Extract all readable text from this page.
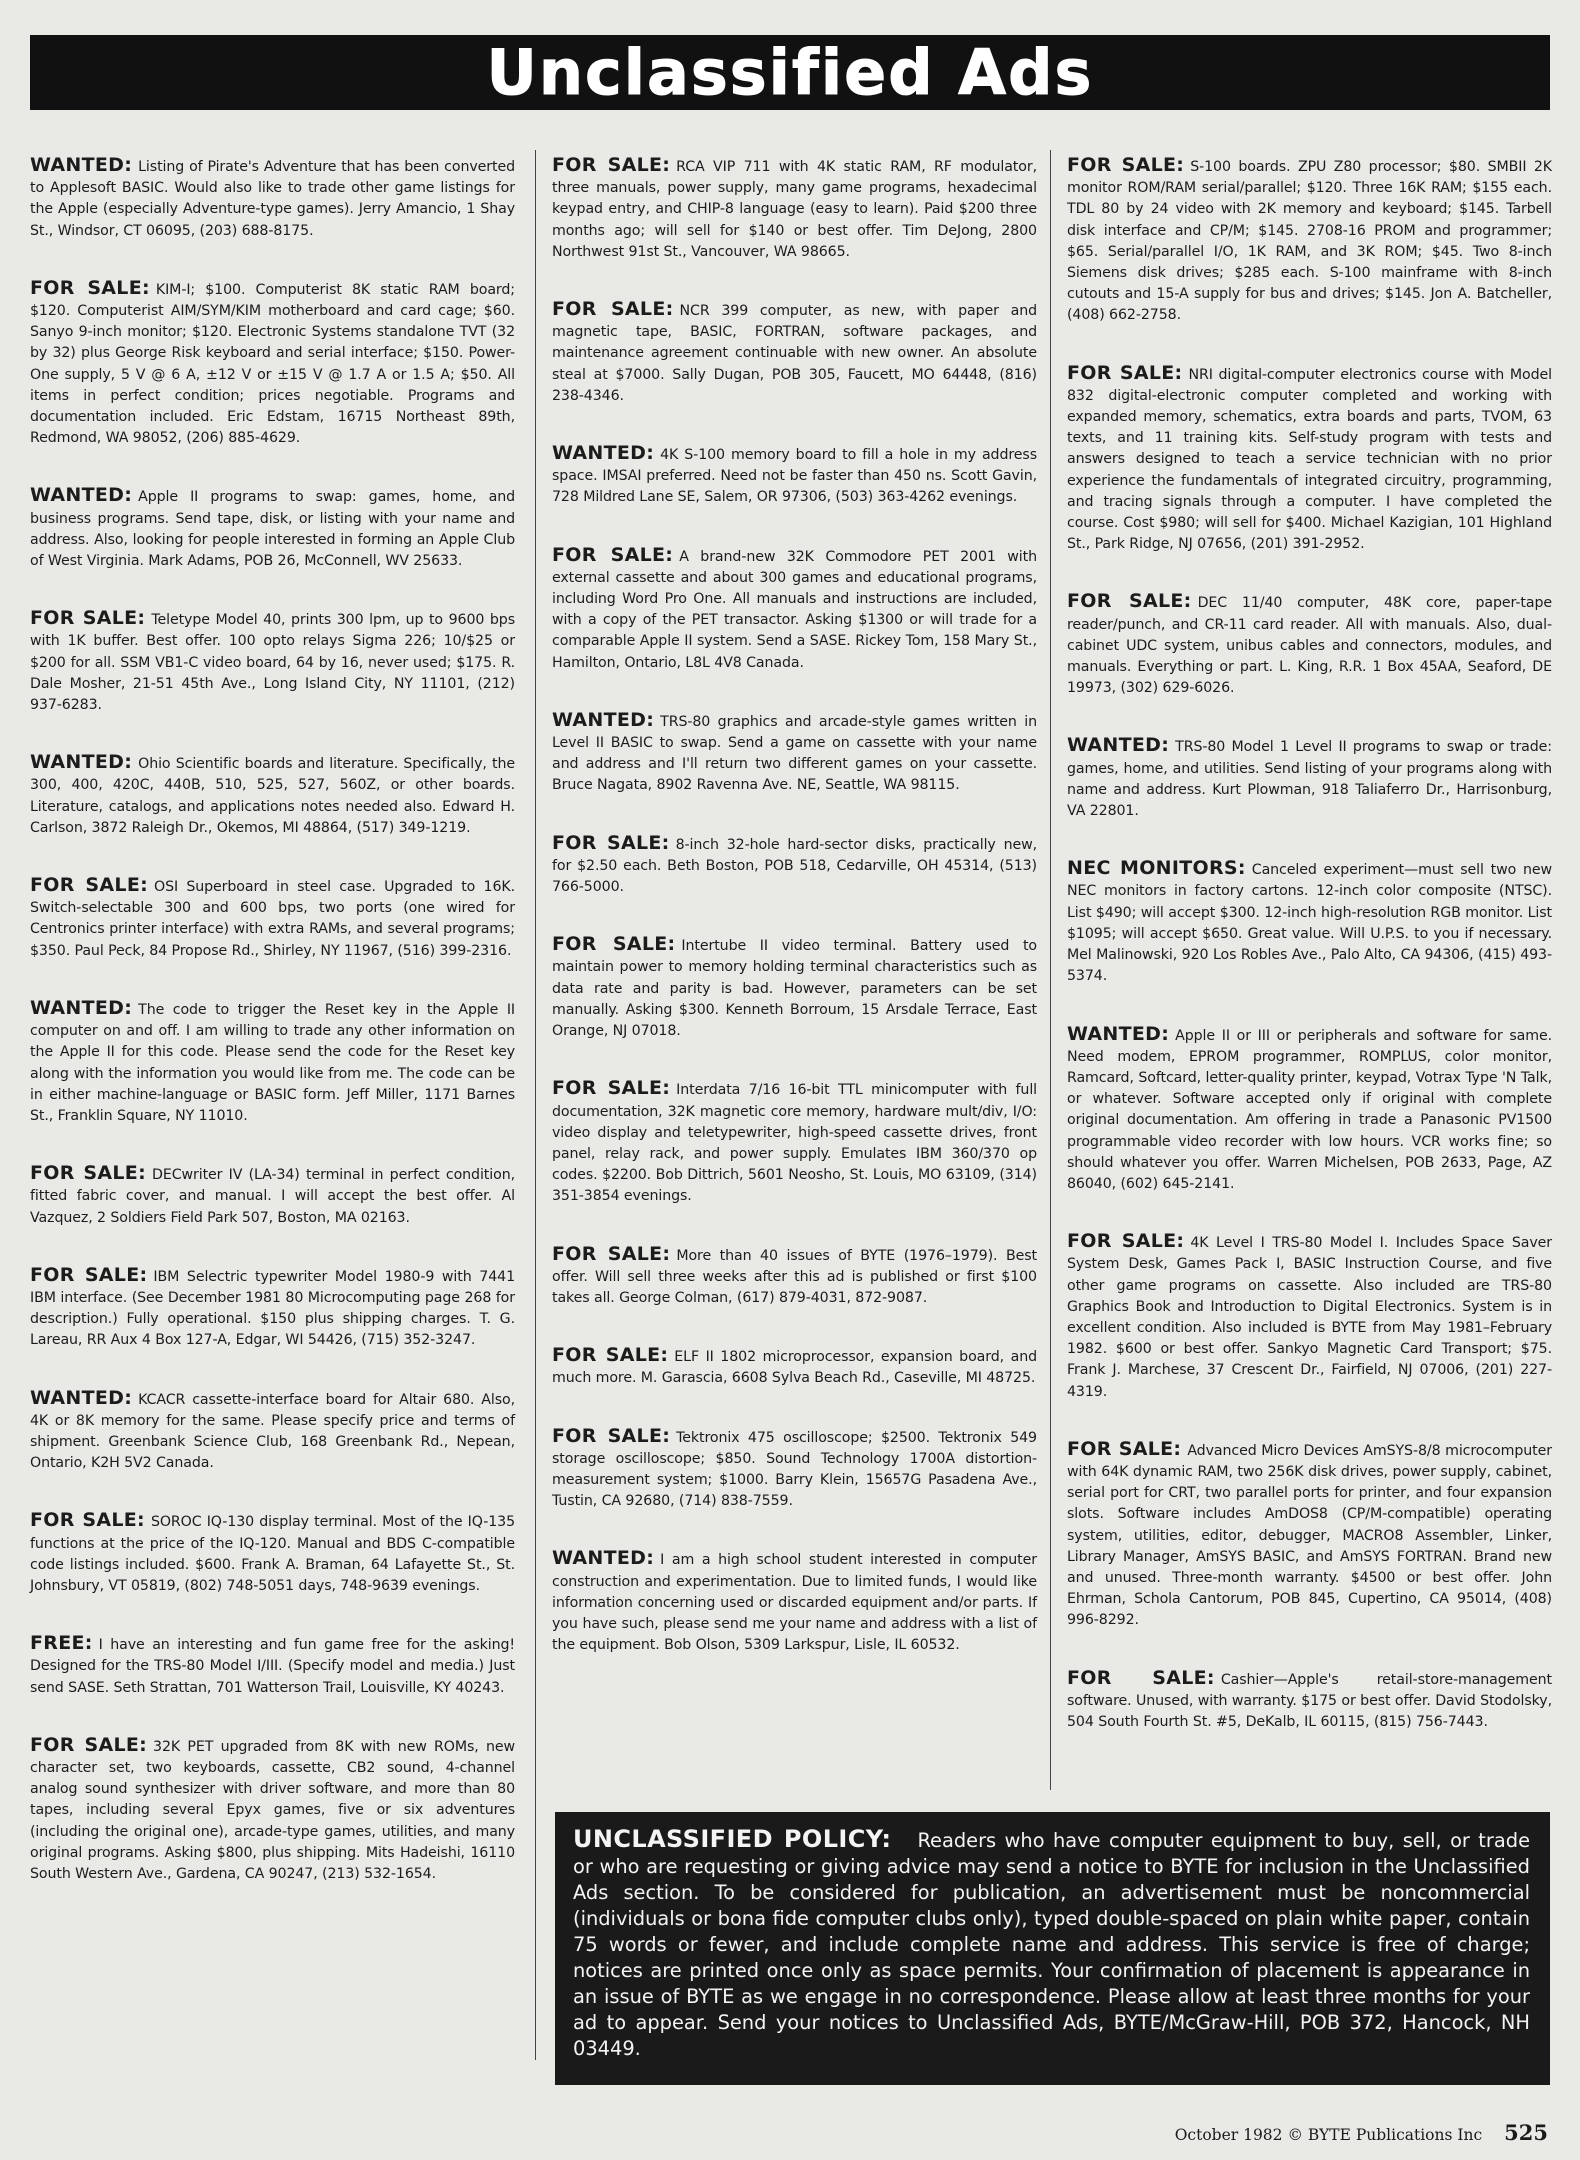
Unclassified Ads

WANTED: Listing of Pirate's Adventure that has been converted to Applesoft BASIC. Would also like to trade other game listings for the Apple (especially Adventure-type games). Jerry Amancio, 1 Shay St., Windsor, CT 06095, (203) 688-8175.

FOR SALE: KIM-I; $100. Computerist 8K static RAM board; $120. Computerist AIM/SYM/KIM motherboard and card cage; $60. Sanyo 9-inch monitor; $120. Electronic Systems standalone TVT (32 by 32) plus George Risk keyboard and serial interface; $150. Power-One supply, 5 V @ 6 A, ±12 V or ±15 V @ 1.7 A or 1.5 A; $50. All items in perfect condition; prices negotiable. Programs and documentation included. Eric Edstam, 16715 Northeast 89th, Redmond, WA 98052, (206) 885-4629.

WANTED: Apple II programs to swap: games, home, and business programs. Send tape, disk, or listing with your name and address. Also, looking for people interested in forming an Apple Club of West Virginia. Mark Adams, POB 26, McConnell, WV 25633.

FOR SALE: Teletype Model 40, prints 300 lpm, up to 9600 bps with 1K buffer. Best offer. 100 opto relays Sigma 226; 10/$25 or $200 for all. SSM VB1-C video board, 64 by 16, never used; $175. R. Dale Mosher, 21-51 45th Ave., Long Island City, NY 11101, (212) 937-6283.

WANTED: Ohio Scientific boards and literature. Specifically, the 300, 400, 420C, 440B, 510, 525, 527, 560Z, or other boards. Literature, catalogs, and applications notes needed also. Edward H. Carlson, 3872 Raleigh Dr., Okemos, MI 48864, (517) 349-1219.

FOR SALE: OSI Superboard in steel case. Upgraded to 16K. Switch-selectable 300 and 600 bps, two ports (one wired for Centronics printer interface) with extra RAMs, and several programs; $350. Paul Peck, 84 Propose Rd., Shirley, NY 11967, (516) 399-2316.

WANTED: The code to trigger the Reset key in the Apple II computer on and off. I am willing to trade any other information on the Apple II for this code. Please send the code for the Reset key along with the information you would like from me. The code can be in either machine-language or BASIC form. Jeff Miller, 1171 Barnes St., Franklin Square, NY 11010.

FOR SALE: DECwriter IV (LA-34) terminal in perfect condition, fitted fabric cover, and manual. I will accept the best offer. Al Vazquez, 2 Soldiers Field Park 507, Boston, MA 02163.

FOR SALE: IBM Selectric typewriter Model 1980-9 with 7441 IBM interface. (See December 1981 80 Microcomputing page 268 for description.) Fully operational. $150 plus shipping charges. T. G. Lareau, RR Aux 4 Box 127-A, Edgar, WI 54426, (715) 352-3247.

WANTED: KCACR cassette-interface board for Altair 680. Also, 4K or 8K memory for the same. Please specify price and terms of shipment. Greenbank Science Club, 168 Greenbank Rd., Nepean, Ontario, K2H 5V2 Canada.

FOR SALE: SOROC IQ-130 display terminal. Most of the IQ-135 functions at the price of the IQ-120. Manual and BDS C-compatible code listings included. $600. Frank A. Braman, 64 Lafayette St., St. Johnsbury, VT 05819, (802) 748-5051 days, 748-9639 evenings.

FREE: I have an interesting and fun game free for the asking! Designed for the TRS-80 Model I/III. (Specify model and media.) Just send SASE. Seth Strattan, 701 Watterson Trail, Louisville, KY 40243.

FOR SALE: 32K PET upgraded from 8K with new ROMs, new character set, two keyboards, cassette, CB2 sound, 4-channel analog sound synthesizer with driver software, and more than 80 tapes, including several Epyx games, five or six adventures (including the original one), arcade-type games, utilities, and many original programs. Asking $800, plus shipping. Mits Hadeishi, 16110 South Western Ave., Gardena, CA 90247, (213) 532-1654.

FOR SALE: RCA VIP 711 with 4K static RAM, RF modulator, three manuals, power supply, many game programs, hexadecimal keypad entry, and CHIP-8 language (easy to learn). Paid $200 three months ago; will sell for $140 or best offer. Tim DeJong, 2800 Northwest 91st St., Vancouver, WA 98665.

FOR SALE: NCR 399 computer, as new, with paper and magnetic tape, BASIC, FORTRAN, software packages, and maintenance agreement continuable with new owner. An absolute steal at $7000. Sally Dugan, POB 305, Faucett, MO 64448, (816) 238-4346.

WANTED: 4K S-100 memory board to fill a hole in my address space. IMSAI preferred. Need not be faster than 450 ns. Scott Gavin, 728 Mildred Lane SE, Salem, OR 97306, (503) 363-4262 evenings.

FOR SALE: A brand-new 32K Commodore PET 2001 with external cassette and about 300 games and educational programs, including Word Pro One. All manuals and instructions are included, with a copy of the PET transactor. Asking $1300 or will trade for a comparable Apple II system. Send a SASE. Rickey Tom, 158 Mary St., Hamilton, Ontario, L8L 4V8 Canada.

WANTED: TRS-80 graphics and arcade-style games written in Level II BASIC to swap. Send a game on cassette with your name and address and I'll return two different games on your cassette. Bruce Nagata, 8902 Ravenna Ave. NE, Seattle, WA 98115.

FOR SALE: 8-inch 32-hole hard-sector disks, practically new, for $2.50 each. Beth Boston, POB 518, Cedarville, OH 45314, (513) 766-5000.

FOR SALE: Intertube II video terminal. Battery used to maintain power to memory holding terminal characteristics such as data rate and parity is bad. However, parameters can be set manually. Asking $300. Kenneth Borroum, 15 Arsdale Terrace, East Orange, NJ 07018.

FOR SALE: Interdata 7/16 16-bit TTL minicomputer with full documentation, 32K magnetic core memory, hardware mult/div, I/O: video display and teletypewriter, high-speed cassette drives, front panel, relay rack, and power supply. Emulates IBM 360/370 op codes. $2200. Bob Dittrich, 5601 Neosho, St. Louis, MO 63109, (314) 351-3854 evenings.

FOR SALE: More than 40 issues of BYTE (1976–1979). Best offer. Will sell three weeks after this ad is published or first $100 takes all. George Colman, (617) 879-4031, 872-9087.

FOR SALE: ELF II 1802 microprocessor, expansion board, and much more. M. Garascia, 6608 Sylva Beach Rd., Caseville, MI 48725.

FOR SALE: Tektronix 475 oscilloscope; $2500. Tektronix 549 storage oscilloscope; $850. Sound Technology 1700A distortion-measurement system; $1000. Barry Klein, 15657G Pasadena Ave., Tustin, CA 92680, (714) 838-7559.

WANTED: I am a high school student interested in computer construction and experimentation. Due to limited funds, I would like information concerning used or discarded equipment and/or parts. If you have such, please send me your name and address with a list of the equipment. Bob Olson, 5309 Larkspur, Lisle, IL 60532.

FOR SALE: S-100 boards. ZPU Z80 processor; $80. SMBII 2K monitor ROM/RAM serial/parallel; $120. Three 16K RAM; $155 each. TDL 80 by 24 video with 2K memory and keyboard; $145. Tarbell disk interface and CP/M; $145. 2708-16 PROM and programmer; $65. Serial/parallel I/O, 1K RAM, and 3K ROM; $45. Two 8-inch Siemens disk drives; $285 each. S-100 mainframe with 8-inch cutouts and 15-A supply for bus and drives; $145. Jon A. Batcheller, (408) 662-2758.

FOR SALE: NRI digital-computer electronics course with Model 832 digital-electronic computer completed and working with expanded memory, schematics, extra boards and parts, TVOM, 63 texts, and 11 training kits. Self-study program with tests and answers designed to teach a service technician with no prior experience the fundamentals of integrated circuitry, programming, and tracing signals through a computer. I have completed the course. Cost $980; will sell for $400. Michael Kazigian, 101 Highland St., Park Ridge, NJ 07656, (201) 391-2952.

FOR SALE: DEC 11/40 computer, 48K core, paper-tape reader/punch, and CR-11 card reader. All with manuals. Also, dual-cabinet UDC system, unibus cables and connectors, modules, and manuals. Everything or part. L. King, R.R. 1 Box 45AA, Seaford, DE 19973, (302) 629-6026.

WANTED: TRS-80 Model 1 Level II programs to swap or trade: games, home, and utilities. Send listing of your programs along with name and address. Kurt Plowman, 918 Taliaferro Dr., Harrisonburg, VA 22801.

NEC MONITORS: Canceled experiment—must sell two new NEC monitors in factory cartons. 12-inch color composite (NTSC). List $490; will accept $300. 12-inch high-resolution RGB monitor. List $1095; will accept $650. Great value. Will U.P.S. to you if necessary. Mel Malinowski, 920 Los Robles Ave., Palo Alto, CA 94306, (415) 493-5374.

WANTED: Apple II or III or peripherals and software for same. Need modem, EPROM programmer, ROMPLUS, color monitor, Ramcard, Softcard, letter-quality printer, keypad, Votrax Type 'N Talk, or whatever. Software accepted only if original with complete original documentation. Am offering in trade a Panasonic PV1500 programmable video recorder with low hours. VCR works fine; so should whatever you offer. Warren Michelsen, POB 2633, Page, AZ 86040, (602) 645-2141.

FOR SALE: 4K Level I TRS-80 Model I. Includes Space Saver System Desk, Games Pack I, BASIC Instruction Course, and five other game programs on cassette. Also included are TRS-80 Graphics Book and Introduction to Digital Electronics. System is in excellent condition. Also included is BYTE from May 1981–February 1982. $600 or best offer. Sankyo Magnetic Card Transport; $75. Frank J. Marchese, 37 Crescent Dr., Fairfield, NJ 07006, (201) 227-4319.

FOR SALE: Advanced Micro Devices AmSYS-8/8 microcomputer with 64K dynamic RAM, two 256K disk drives, power supply, cabinet, serial port for CRT, two parallel ports for printer, and four expansion slots. Software includes AmDOS8 (CP/M-compatible) operating system, utilities, editor, debugger, MACRO8 Assembler, Linker, Library Manager, AmSYS BASIC, and AmSYS FORTRAN. Brand new and unused. Three-month warranty. $4500 or best offer. John Ehrman, Schola Cantorum, POB 845, Cupertino, CA 95014, (408) 996-8292.

FOR SALE: Cashier—Apple's retail-store-management software. Unused, with warranty. $175 or best offer. David Stodolsky, 504 South Fourth St. #5, DeKalb, IL 60115, (815) 756-7443.

UNCLASSIFIED POLICY: Readers who have computer equipment to buy, sell, or trade or who are requesting or giving advice may send a notice to BYTE for inclusion in the Unclassified Ads section. To be considered for publication, an advertisement must be noncommercial (individuals or bona fide computer clubs only), typed double-spaced on plain white paper, contain 75 words or fewer, and include complete name and address. This service is free of charge; notices are printed once only as space permits. Your confirmation of placement is appearance in an issue of BYTE as we engage in no correspondence. Please allow at least three months for your ad to appear. Send your notices to Unclassified Ads, BYTE/McGraw-Hill, POB 372, Hancock, NH 03449.
October 1982 © BYTE Publications Inc 525
